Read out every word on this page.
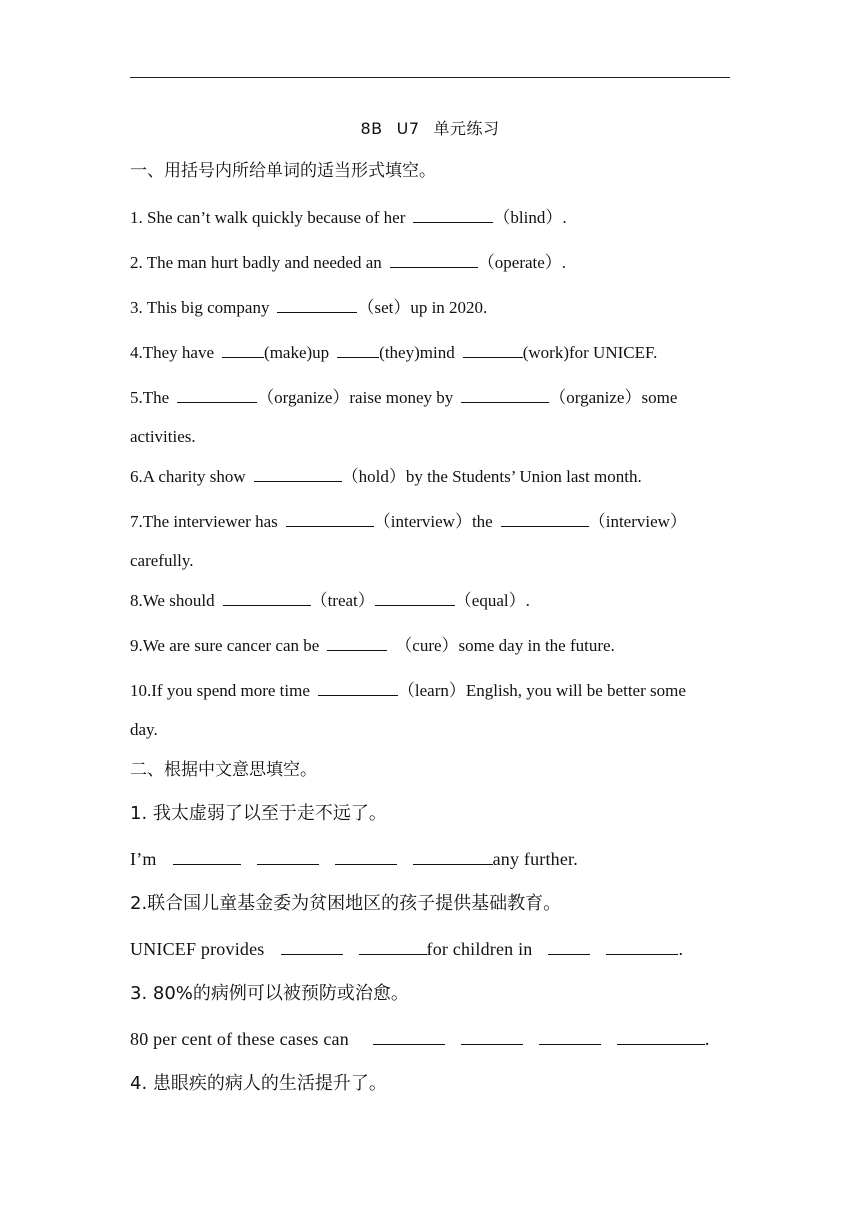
8B U7 单元练习
一、用括号内所给单词的适当形式填空。
1. She can’t walk quickly because of her	（blind）.
2. The man hurt badly and needed an	（operate）.
3. This big company	（set）up in 2020.
4.They have	(make)up	(they)mind	(work)for UNICEF.
5.The	（organize）raise money by	（organize）some
activities.
6.A charity show	（hold）by the Students’ Union last month.
7.The interviewer has	（interview）the	（interview）
carefully.
8.We should	（treat）	（equal）.
9.We are sure cancer can be	（cure）some day in the future.
10.If you spend more time	（learn）English, you will be better some
day.
二、根据中文意思填空。
1. 我太虚弱了以至于走不远了。
I’m	any further.
2.联合国儿童基金委为贫困地区的孩子提供基础教育。
UNICEF provides	for children in	.
3. 80%的病例可以被预防或治愈。
80 per cent of these cases can	.
4. 患眼疾的病人的生活提升了。
